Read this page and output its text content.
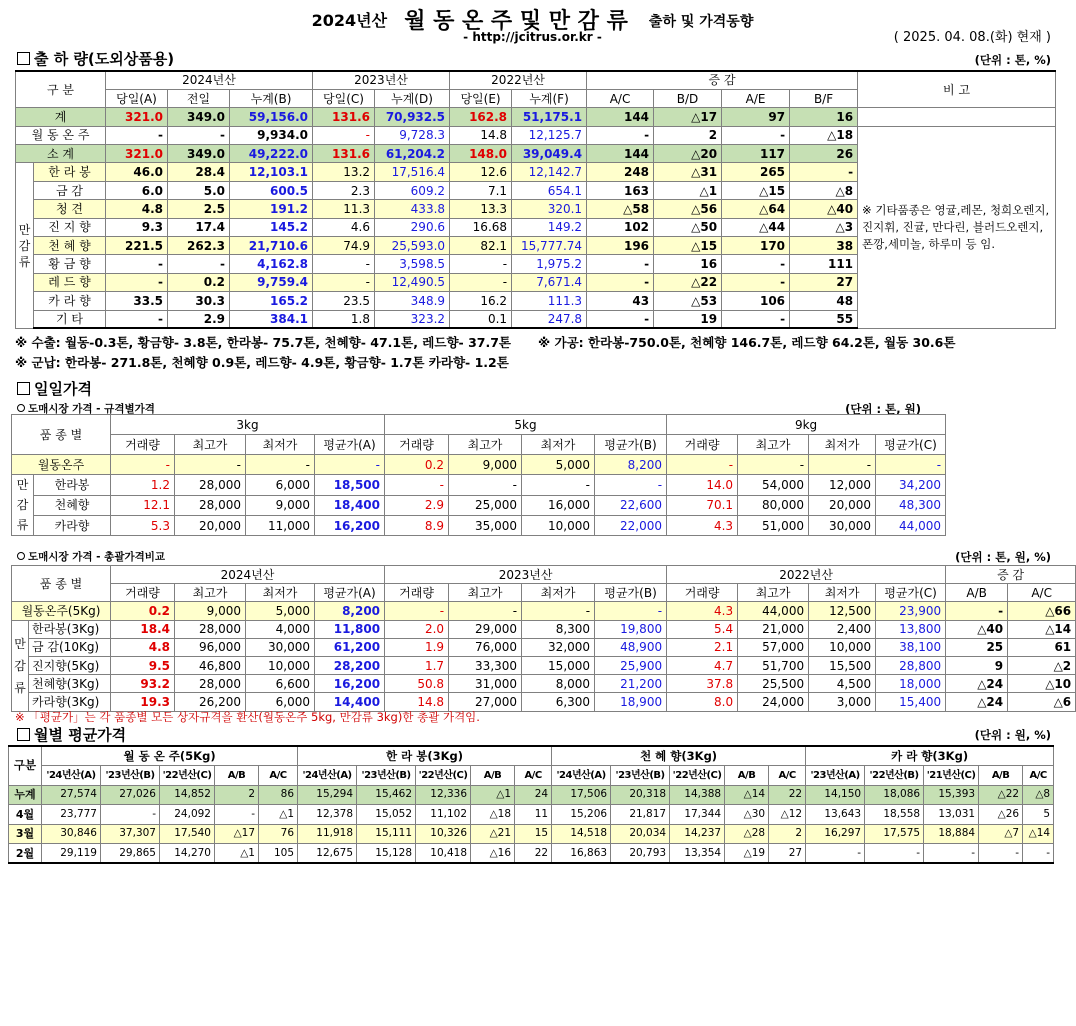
2024년산 월 동 온 주 및 만 감 류 출하 및 가격동향
- http://jcitrus.or.kr -	( 2025. 04. 08.(화) 현재 )
출 하 량(도외상품용)	(단위 : 톤, %)
구 분		2024년산			2023년산		2022년산		증 감				비 고
		당일(A)	전일	누계(B)	당일(C)	누계(D)	당일(E)	누계(F)	A/C	B/D	A/E	B/F	
계		321.0	349.0	59,156.0	131.6	70,932.5	162.8	51,175.1	144	△17	97	16	
월 동 온 주		-	-	9,934.0	-	9,728.3	14.8	12,125.7	-	2	-	△18	※ 기타품종은 영귤,레몬, 청희오렌지, 진지휘, 진귤, 만다린, 블러드오렌지, 폰깡,세미놀, 하루미 등 임.
소 계		321.0	349.0	49,222.0	131.6	61,204.2	148.0	39,049.4	144	△20	117	26	
만 감 류	한 라 봉	46.0	28.4	12,103.1	13.2	17,516.4	12.6	12,142.7	248	△31	265	-	
	금 감	6.0	5.0	600.5	2.3	609.2	7.1	654.1	163	△1	△15	△8	
	청 견	4.8	2.5	191.2	11.3	433.8	13.3	320.1	△58	△56	△64	△40	
	진 지 향	9.3	17.4	145.2	4.6	290.6	16.68	149.2	102	△50	△44	△3	
	천 혜 향	221.5	262.3	21,710.6	74.9	25,593.0	82.1	15,777.74	196	△15	170	38	
	황 금 향	-	-	4,162.8	-	3,598.5	-	1,975.2	-	16	-	111	
	레 드 향	-	0.2	9,759.4	-	12,490.5	-	7,671.4	-	△22	-	27	
	카 라 향	33.5	30.3	165.2	23.5	348.9	16.2	111.3	43	△53	106	48	
	기 타	-	2.9	384.1	1.8	323.2	0.1	247.8	-	19	-	55	
※ 수출: 월동-0.3톤, 황금향- 3.8톤, 한라봉- 75.7톤, 천혜향- 47.1톤, 레드향- 37.7톤 ※ 가공: 한라봉-750.0톤, 천혜향 146.7톤, 레드향 64.2톤, 월동 30.6톤
※ 군납: 한라봉- 271.8톤, 천혜향 0.9톤, 레드향- 4.9톤, 황금향- 1.7톤 카라향- 1.2톤
일일가격
도매시장 가격 - 규격별가격	(단위 : 톤, 원)
품 종 별		3kg				5kg				9kg			
		거래량	최고가	최저가	평균가(A)	거래량	최고가	최저가	평균가(B)	거래량	최고가	최저가	평균가(C)
월동온주		-	-	-	-	0.2	9,000	5,000	8,200	-	-	-	-
만 감 류	한라봉	1.2	28,000	6,000	18,500	-	-	-	-	14.0	54,000	12,000	34,200
	천혜향	12.1	28,000	9,000	18,400	2.9	25,000	16,000	22,600	70.1	80,000	20,000	48,300
	카라향	5.3	20,000	11,000	16,200	8.9	35,000	10,000	22,000	4.3	51,000	30,000	44,000
도매시장 가격 - 총괄가격비교	(단위 : 톤, 원, %)
품 종 별		2024년산				2023년산				2022년산				증 감	
		거래량	최고가	최저가	평균가(A)	거래량	최고가	최저가	평균가(B)	거래량	최고가	최저가	평균가(C)	A/B	A/C
월동온주(5Kg)		0.2	9,000	5,000	8,200	-	-	-	-	4.3	44,000	12,500	23,900	-	△66
만 감 류	한라봉(3Kg)	18.4	28,000	4,000	11,800	2.0	29,000	8,300	19,800	5.4	21,000	2,400	13,800	△40	△14
	금 감(10Kg)	4.8	96,000	30,000	61,200	1.9	76,000	32,000	48,900	2.1	57,000	10,000	38,100	25	61
	진지향(5Kg)	9.5	46,800	10,000	28,200	1.7	33,300	15,000	25,900	4.7	51,700	15,500	28,800	9	△2
	천혜향(3Kg)	93.2	28,000	6,600	16,200	50.8	31,000	8,000	21,200	37.8	25,500	4,500	18,000	△24	△10
	카라향(3Kg)	19.3	26,200	6,000	14,400	14.8	27,000	6,300	18,900	8.0	24,000	3,000	15,400	△24	△6
※ 「평균가」는 각 품종별 모든 상자규격을 환산(월동온주 5kg, 만감류 3kg)한 총괄 가격임.
월별 평균가격	(단위 : 원, %)
구분	월 동 온 주(5Kg)					한 라 봉(3Kg)					천 혜 향(3Kg)					카 라 향(3Kg)				
	'24년산(A)	'23년산(B)	'22년산(C)	A/B	A/C	'24년산(A)	'23년산(B)	'22년산(C)	A/B	A/C	'24년산(A)	'23년산(B)	'22년산(C)	A/B	A/C	'23년산(A)	'22년산(B)	'21년산(C)	A/B	A/C
누계	27,574	27,026	14,852	2	86	15,294	15,462	12,336	△1	24	17,506	20,318	14,388	△14	22	14,150	18,086	15,393	△22	△8
4월	23,777	-	24,092	-	△1	12,378	15,052	11,102	△18	11	15,206	21,817	17,344	△30	△12	13,643	18,558	13,031	△26	5
3월	30,846	37,307	17,540	△17	76	11,918	15,111	10,326	△21	15	14,518	20,034	14,237	△28	2	16,297	17,575	18,884	△7	△14
2월	29,119	29,865	14,270	△1	105	12,675	15,128	10,418	△16	22	16,863	20,793	13,354	△19	27	-	-	-	-	-
